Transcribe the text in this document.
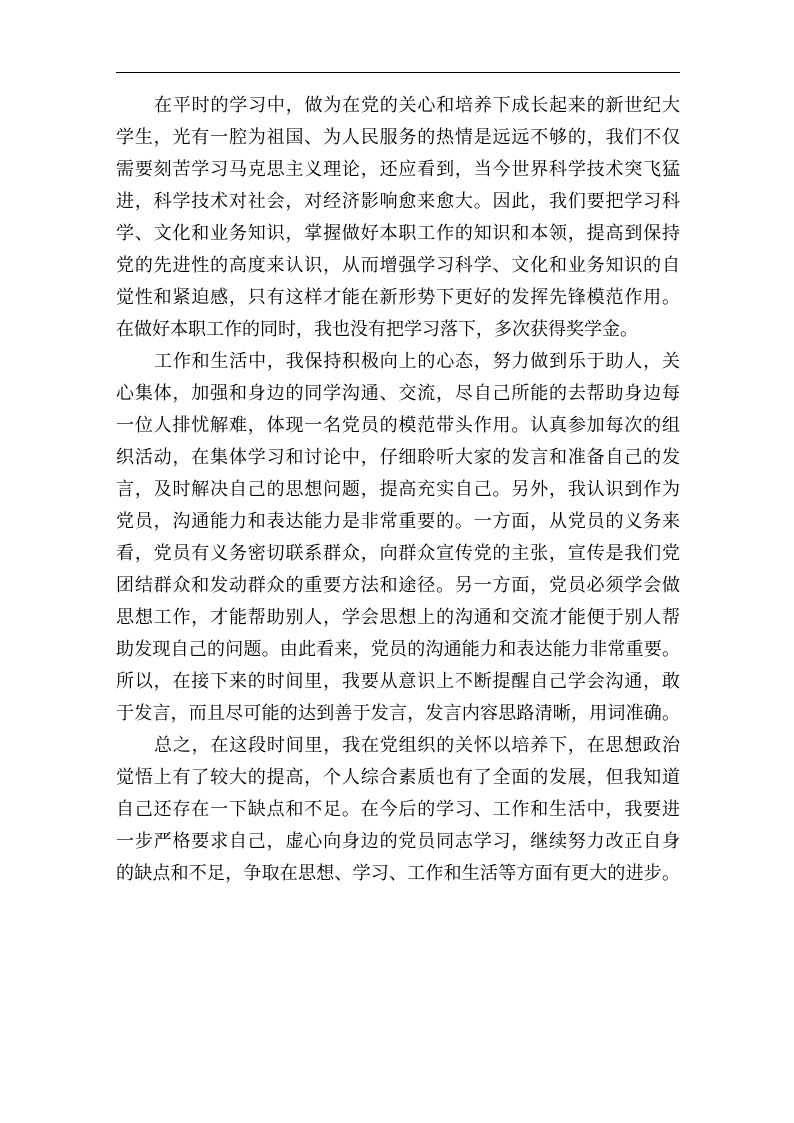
在平时的学习中，做为在党的关心和培养下成长起来的新世纪大
学生，光有一腔为祖国、为人民服务的热情是远远不够的，我们不仅
需要刻苦学习马克思主义理论，还应看到，当今世界科学技术突飞猛
进，科学技术对社会，对经济影响愈来愈大。因此，我们要把学习科
学、文化和业务知识，掌握做好本职工作的知识和本领，提高到保持
党的先进性的高度来认识，从而增强学习科学、文化和业务知识的自
觉性和紧迫感，只有这样才能在新形势下更好的发挥先锋模范作用。
在做好本职工作的同时，我也没有把学习落下，多次获得奖学金。
工作和生活中，我保持积极向上的心态，努力做到乐于助人，关
心集体，加强和身边的同学沟通、交流，尽自己所能的去帮助身边每
一位人排忧解难，体现一名党员的模范带头作用。认真参加每次的组
织活动，在集体学习和讨论中，仔细聆听大家的发言和准备自己的发
言，及时解决自己的思想问题，提高充实自己。另外，我认识到作为
党员，沟通能力和表达能力是非常重要的。一方面，从党员的义务来
看，党员有义务密切联系群众，向群众宣传党的主张，宣传是我们党
团结群众和发动群众的重要方法和途径。另一方面，党员必须学会做
思想工作，才能帮助别人，学会思想上的沟通和交流才能便于别人帮
助发现自己的问题。由此看来，党员的沟通能力和表达能力非常重要。
所以，在接下来的时间里，我要从意识上不断提醒自己学会沟通，敢
于发言，而且尽可能的达到善于发言，发言内容思路清晰，用词准确。
总之，在这段时间里，我在党组织的关怀以培养下，在思想政治
觉悟上有了较大的提高，个人综合素质也有了全面的发展，但我知道
自己还存在一下缺点和不足。在今后的学习、工作和生活中，我要进
一步严格要求自己，虚心向身边的党员同志学习，继续努力改正自身
的缺点和不足，争取在思想、学习、工作和生活等方面有更大的进步。
